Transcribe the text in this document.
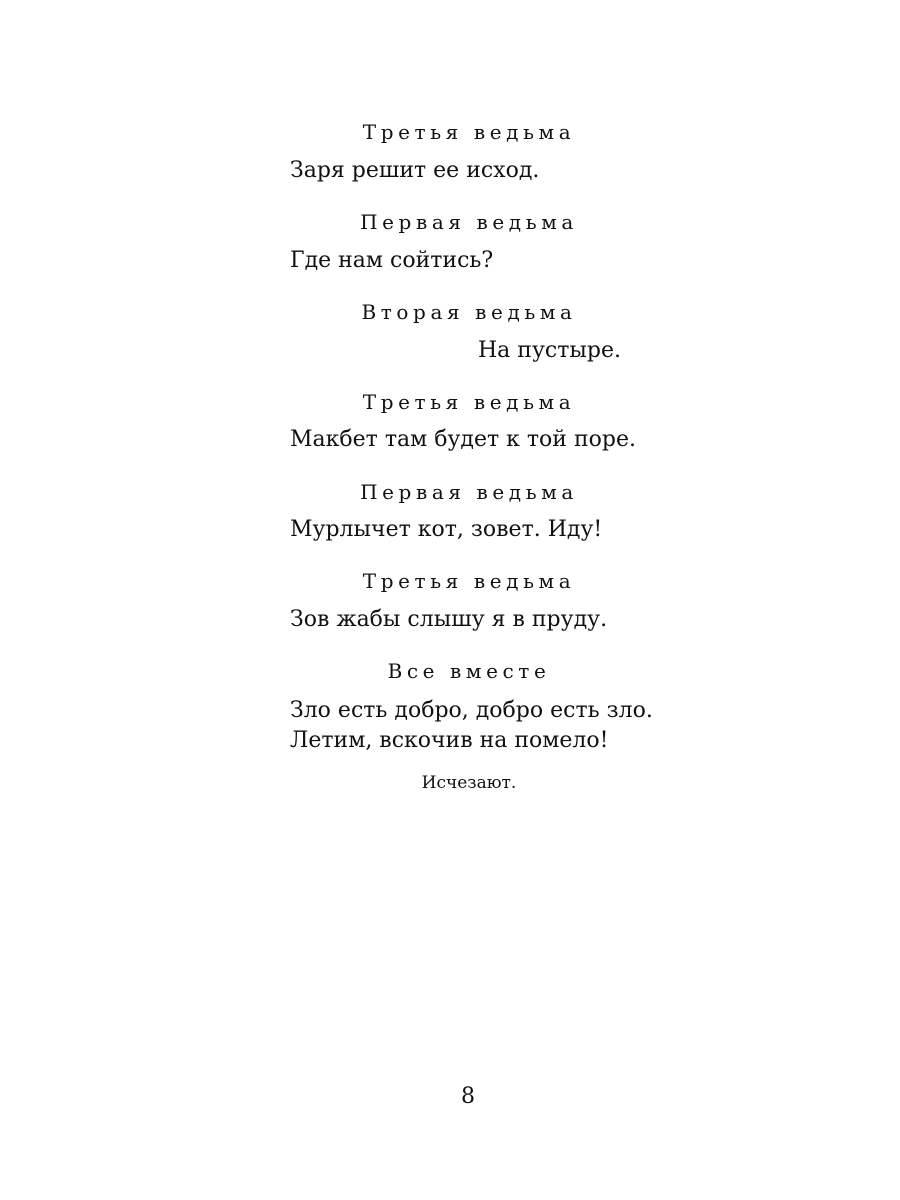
Третья ведьма
Заря решит ее исход.
Первая ведьма
Где нам сойтись?
Вторая ведьма
На пустыре.
Третья ведьма
Макбет там будет к той поре.
Первая ведьма
Мурлычет кот, зовет. Иду!
Третья ведьма
Зов жабы слышу я в пруду.
Все вместе
Зло есть добро, добро есть зло.
Летим, вскочив на помело!
Исчезают.
8
